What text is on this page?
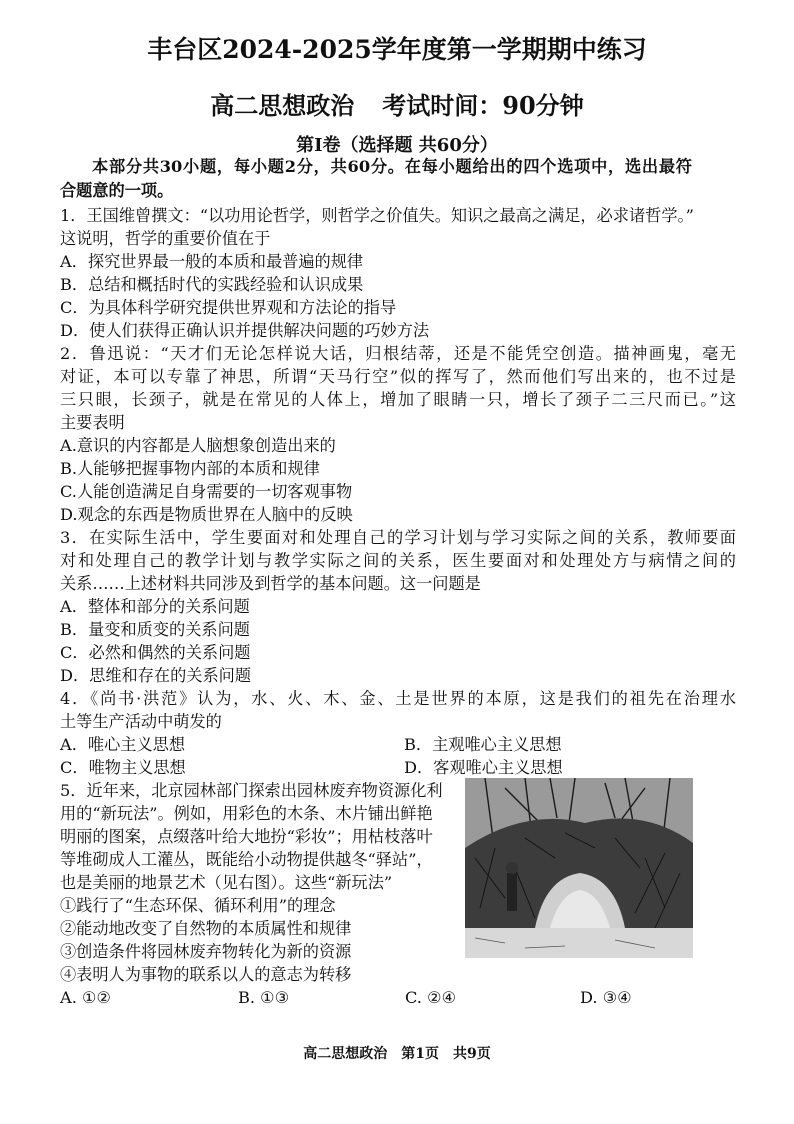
丰台区2024-2025学年度第一学期期中练习
高二思想政治 考试时间：90分钟
第Ⅰ卷（选择题 共60分）
本部分共30小题，每小题2分，共60分。在每小题给出的四个选项中，选出最符
合题意的一项。
1．王国维曾撰文：“以功用论哲学，则哲学之价值失。知识之最高之满足，必求诸哲学。”
这说明，哲学的重要价值在于
A．探究世界最一般的本质和最普遍的规律
B．总结和概括时代的实践经验和认识成果
C．为具体科学研究提供世界观和方法论的指导
D．使人们获得正确认识并提供解决问题的巧妙方法
2．鲁迅说：“天才们无论怎样说大话，归根结蒂，还是不能凭空创造。描神画鬼，毫无
对证，本可以专靠了神思，所谓“天马行空”似的挥写了，然而他们写出来的，也不过是
三只眼，长颈子，就是在常见的人体上，增加了眼睛一只，增长了颈子二三尺而已。”这
主要表明
A.意识的内容都是人脑想象创造出来的
B.人能够把握事物内部的本质和规律
C.人能创造满足自身需要的一切客观事物
D.观念的东西是物质世界在人脑中的反映
3．在实际生活中，学生要面对和处理自己的学习计划与学习实际之间的关系，教师要面
对和处理自己的教学计划与教学实际之间的关系，医生要面对和处理处方与病情之间的
关系……上述材料共同涉及到哲学的基本问题。这一问题是
A．整体和部分的关系问题
B．量变和质变的关系问题
C．必然和偶然的关系问题
D．思维和存在的关系问题
4．《尚书·洪范》认为，水、火、木、金、土是世界的本原，这是我们的祖先在治理水
土等生产活动中萌发的
A．唯心主义思想	B．主观唯心主义思想
C．唯物主义思想	D．客观唯心主义思想
5．近年来，北京园林部门探索出园林废弃物资源化利
用的“新玩法”。例如，用彩色的木条、木片铺出鲜艳
明丽的图案，点缀落叶给大地扮“彩妆”；用枯枝落叶
等堆砌成人工灌丛，既能给小动物提供越冬“驿站”，
也是美丽的地景艺术（见右图）。这些“新玩法”
①践行了“生态环保、循环利用”的理念
②能动地改变了自然物的本质属性和规律
③创造条件将园林废弃物转化为新的资源
④表明人为事物的联系以人的意志为转移
A. ①②	B. ①③	C. ②④	D. ③④
高二思想政治　第1页　共9页
